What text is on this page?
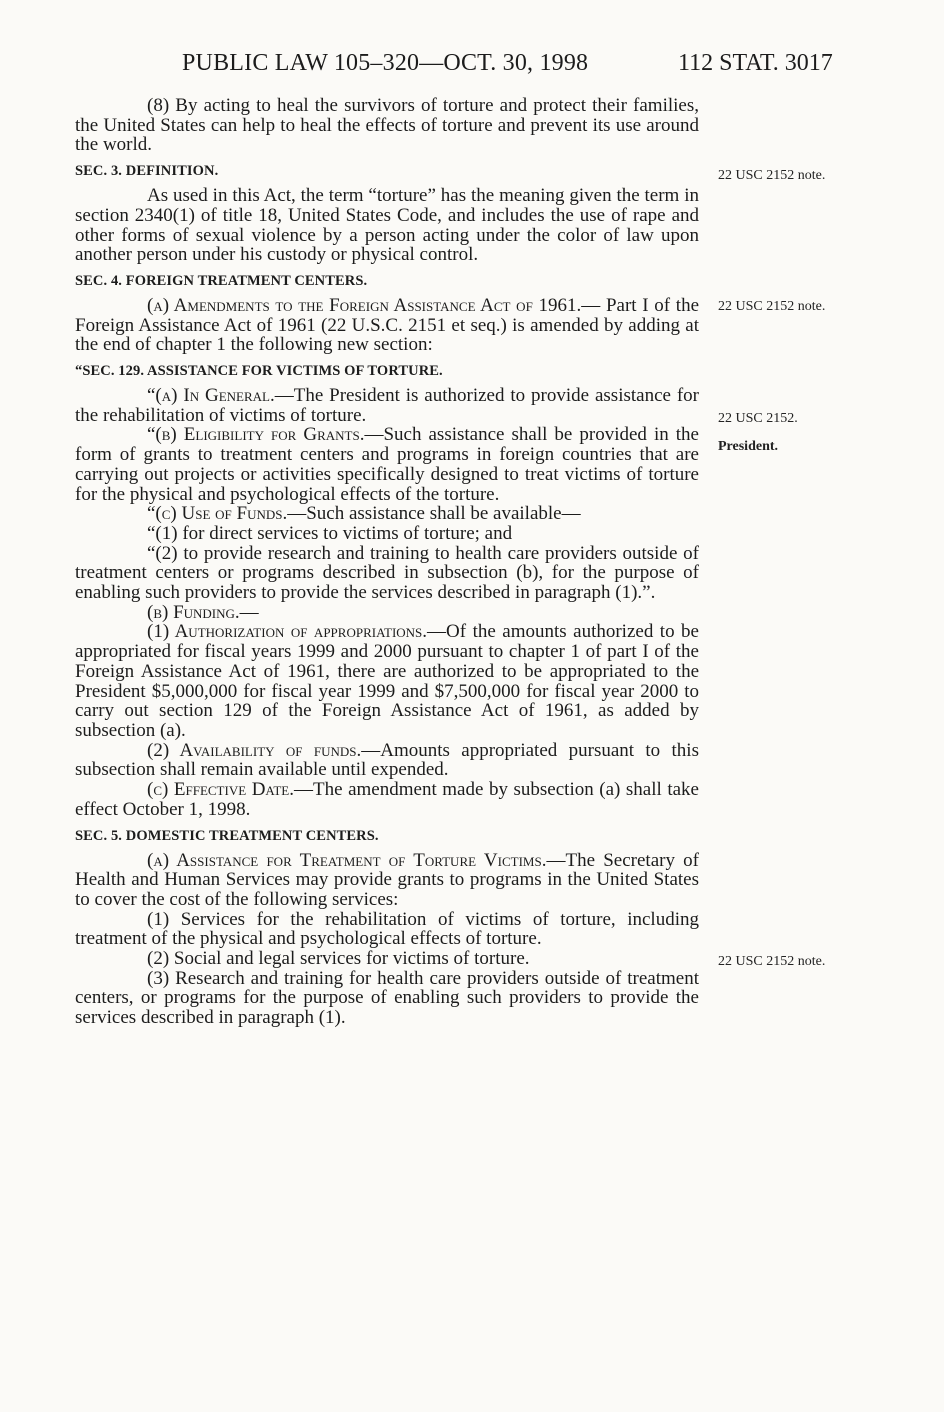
PUBLIC LAW 105–320—OCT. 30, 1998	112 STAT. 3017

(8) By acting to heal the survivors of torture and protect their families, the United States can help to heal the effects of torture and prevent its use around the world.

SEC. 3. DEFINITION.

As used in this Act, the term “torture” has the meaning given the term in section 2340(1) of title 18, United States Code, and includes the use of rape and other forms of sexual violence by a person acting under the color of law upon another person under his custody or physical control.

SEC. 4. FOREIGN TREATMENT CENTERS.

(a) Amendments to the Foreign Assistance Act of 1961.— Part I of the Foreign Assistance Act of 1961 (22 U.S.C. 2151 et seq.) is amended by adding at the end of chapter 1 the following new section:

“SEC. 129. ASSISTANCE FOR VICTIMS OF TORTURE.

“(a) In General.—The President is authorized to provide assistance for the rehabilitation of victims of torture.

“(b) Eligibility for Grants.—Such assistance shall be provided in the form of grants to treatment centers and programs in foreign countries that are carrying out projects or activities specifically designed to treat victims of torture for the physical and psychological effects of the torture.

“(c) Use of Funds.—Such assistance shall be available—

“(1) for direct services to victims of torture; and

“(2) to provide research and training to health care providers outside of treatment centers or programs described in subsection (b), for the purpose of enabling such providers to provide the services described in paragraph (1).”.

(b) Funding.—

(1) Authorization of appropriations.—Of the amounts authorized to be appropriated for fiscal years 1999 and 2000 pursuant to chapter 1 of part I of the Foreign Assistance Act of 1961, there are authorized to be appropriated to the President $5,000,000 for fiscal year 1999 and $7,500,000 for fiscal year 2000 to carry out section 129 of the Foreign Assistance Act of 1961, as added by subsection (a).

(2) Availability of funds.—Amounts appropriated pursuant to this subsection shall remain available until expended.

(c) Effective Date.—The amendment made by subsection (a) shall take effect October 1, 1998.

SEC. 5. DOMESTIC TREATMENT CENTERS.

(a) Assistance for Treatment of Torture Victims.—The Secretary of Health and Human Services may provide grants to programs in the United States to cover the cost of the following services:

(1) Services for the rehabilitation of victims of torture, including treatment of the physical and psychological effects of torture.

(2) Social and legal services for victims of torture.

(3) Research and training for health care providers outside of treatment centers, or programs for the purpose of enabling such providers to provide the services described in paragraph (1).

22 USC 2152 note.
22 USC 2152 note.
22 USC 2152.
President.
22 USC 2152 note.
